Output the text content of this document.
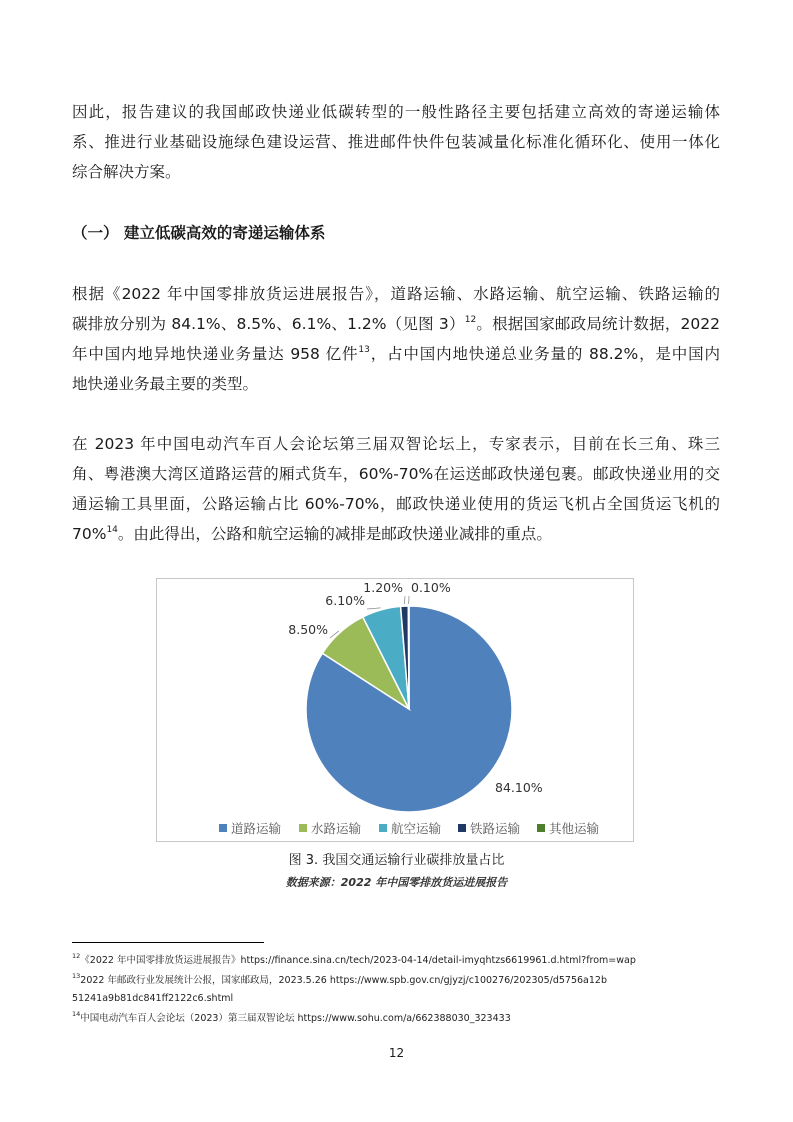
因此，报告建议的我国邮政快递业低碳转型的一般性路径主要包括建立高效的寄递运输体
系、推进行业基础设施绿色建设运营、推进邮件快件包装减量化标准化循环化、使用一体化
综合解决方案。
（一） 建立低碳高效的寄递运输体系
根据《2022 年中国零排放货运进展报告》，道路运输、水路运输、航空运输、铁路运输的
碳排放分别为 84.1%、8.5%、6.1%、1.2%（见图 3）$^{12}$。根据国家邮政局统计数据，2022
年中国内地异地快递业务量达 958 亿件$^{13}$，占中国内地快递总业务量的 88.2%，是中国内
地快递业务最主要的类型。
在 2023 年中国电动汽车百人会论坛第三届双智论坛上，专家表示，目前在长三角、珠三
角、粤港澳大湾区道路运营的厢式货车，60%-70%在运送邮政快递包裹。邮政快递业用的交
通运输工具里面，公路运输占比 60%-70%，邮政快递业使用的货运飞机占全国货运飞机的
70%$^{14}$。由此得出，公路和航空运输的减排是邮政快递业减排的重点。
84.10%
8.50%
6.10%
1.20% 0.10%
道路运输 水路运输 航空运输 铁路运输 其他运输
图 3. 我国交通运输行业碳排放量占比
数据来源：2022 年中国零排放货运进展报告
$^{12}$《2022 年中国零排放货运进展报告》https://finance.sina.cn/tech/2023-04-14/detail-imyqhtzs6619961.d.html?from=wap
$^{13}$2022 年邮政行业发展统计公报，国家邮政局，2023.5.26 https://www.spb.gov.cn/gjyzj/c100276/202305/d5756a12b
51241a9b81dc841ff2122c6.shtml
$^{14}$中国电动汽车百人会论坛（2023）第三届双智论坛 https://www.sohu.com/a/662388030_323433
12
